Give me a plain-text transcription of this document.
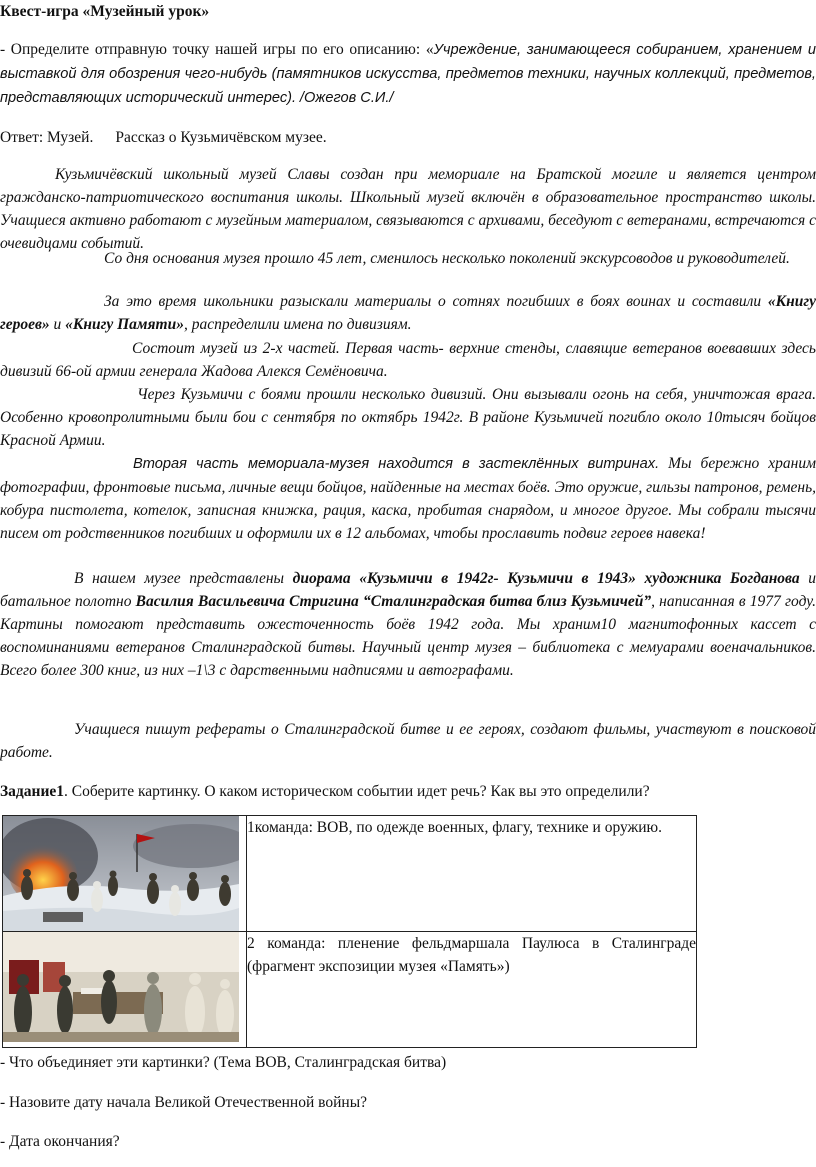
Квест-игра «Музейный урок»
- Определите отправную точку нашей игры по его описанию: «Учреждение, занимающееся собиранием, хранением и выставкой для обозрения чего-нибудь (памятников искусства, предметов техники, научных коллекций, предметов, представляющих исторический интерес). /Ожегов С.И./
Ответ: Музей. Рассказ о Кузьмичёвском музее.
Кузьмичёвский школьный музей Славы создан при мемориале на Братской могиле и является центром гражданско-патриотического воспитания школы. Школьный музей включён в образовательное пространство школы. Учащиеся активно работают с музейным материалом, связываются с архивами, беседуют с ветеранами, встречаются с очевидцами событий.
Со дня основания музея прошло 45 лет, сменилось несколько поколений экскурсоводов и руководителей.
За это время школьники разыскали материалы о сотнях погибших в боях воинах и составили «Книгу героев» и «Книгу Памяти», распределили имена по дивизиям.
Состоит музей из 2-х частей. Первая часть- верхние стенды, славящие ветеранов воевавших здесь дивизий 66-ой армии генерала Жадова Алекся Семёновича.
Через Кузьмичи с боями прошли несколько дивизий. Они вызывали огонь на себя, уничтожая врага. Особенно кровопролитными были бои с сентября по октябрь 1942г. В районе Кузьмичей погибло около 10тысяч бойцов Красной Армии.
Вторая часть мемориала-музея находится в застеклённых витринах. Мы бережно храним фотографии, фронтовые письма, личные вещи бойцов, найденные на местах боёв. Это оружие, гильзы патронов, ремень, кобура пистолета, котелок, записная книжка, рация, каска, пробитая снарядом, и многое другое. Мы собрали тысячи писем от родственников погибших и оформили их в 12 альбомах, чтобы прославить подвиг героев навека!
В нашем музее представлены диорама «Кузьмичи в 1942г- Кузьмичи в 1943» художника Богданова и батальное полотно Василия Васильевича Стригина “Сталинградская битва близ Кузьмичей”, написанная в 1977 году. Картины помогают представить ожесточенность боёв 1942 года. Мы храним10 магнитофонных кассет с воспоминаниями ветеранов Сталинградской битвы. Научный центр музея – библиотека с мемуарами военачальников. Всего более 300 книг, из них –1\3 с дарственными надписями и автографами.
Учащиеся пишут рефераты о Сталинградской битве и ее героях, создают фильмы, участвуют в поисковой работе.
Задание1. Соберите картинку. О каком историческом событии идет речь? Как вы это определили?
	1команда: ВОВ, по одежде военных, флагу, технике и оружию.

	2 команда: пленение фельдмаршала Паулюса в Сталинграде (фрагмент экспозиции музея «Память»)
- Что объединяет эти картинки? (Тема ВОВ, Сталинградская битва)
- Назовите дату начала Великой Отечественной войны?
- Дата окончания?
